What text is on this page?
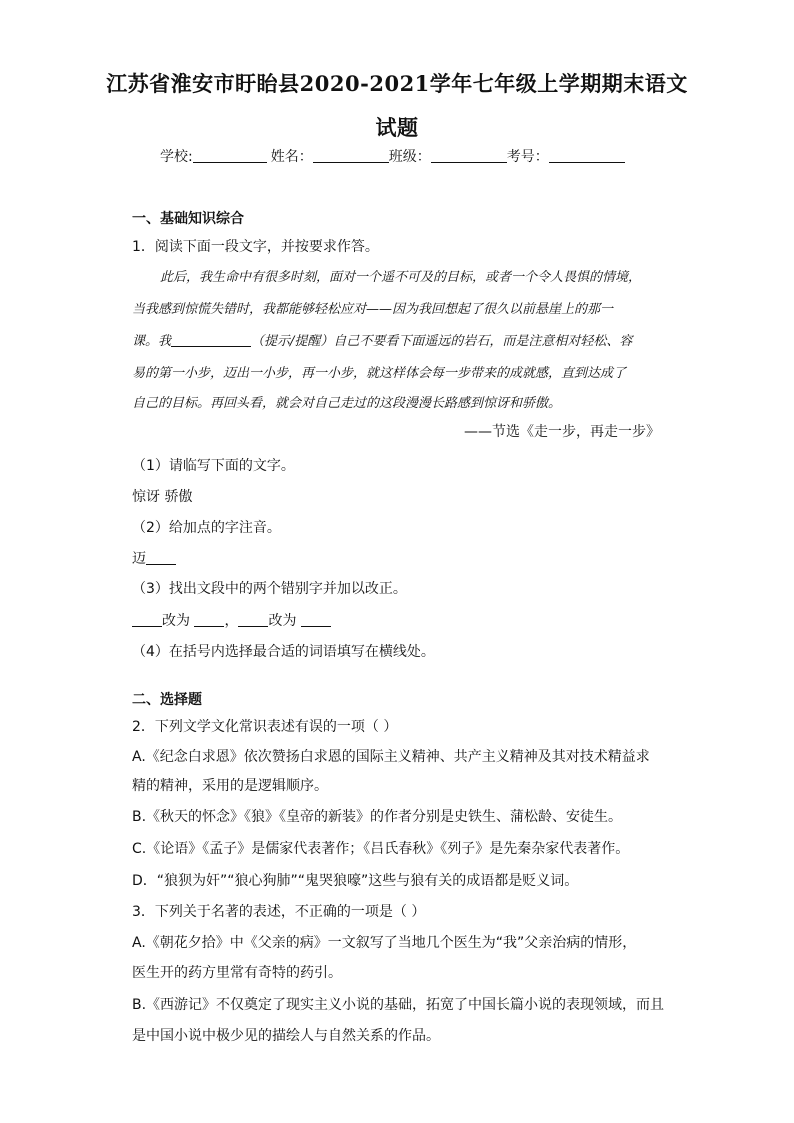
江苏省淮安市盱眙县2020-2021学年七年级上学期期末语文
试题
学校:	姓名：	班级：	考号：
一、基础知识综合
1．阅读下面一段文字，并按要求作答。
此后，我生命中有很多时刻，面对一个遥不可及的目标，或者一个令人畏惧的情境，
当我感到惊慌失错时，我都能够轻松应对——因为我回想起了很久以前悬崖上的那一
课。我	（提示/提醒）自己不要看下面遥远的岩石，而是注意相对轻松、容
易的第一小步，迈出一小步，再一小步，就这样体会每一步带来的成就感，直到达成了
自己的目标。再回头看，就会对自己走过的这段漫漫长路感到惊讶和骄傲。
——节选《走一步，再走一步》
（1）请临写下面的文字。
惊讶 骄傲
（2）给加点的字注音。
迈
（3）找出文段中的两个错别字并加以改正。
改为 ， 改为
（4）在括号内选择最合适的词语填写在横线处。
二、选择题
2．下列文学文化常识表述有误的一项（ ）
A.《纪念白求恩》依次赞扬白求恩的国际主义精神、共产主义精神及其对技术精益求
精的精神，采用的是逻辑顺序。
B.《秋天的怀念》《狼》《皇帝的新装》的作者分别是史铁生、蒲松龄、安徒生。
C.《论语》《孟子》是儒家代表著作；《吕氏春秋》《列子》是先秦杂家代表著作。
D．“狼狈为奸”“狼心狗肺”“鬼哭狼嚎”这些与狼有关的成语都是贬义词。
3．下列关于名著的表述，不正确的一项是（ ）
A.《朝花夕拾》中《父亲的病》一文叙写了当地几个医生为“我”父亲治病的情形，
医生开的药方里常有奇特的药引。
B.《西游记》不仅奠定了现实主义小说的基础，拓宽了中国长篇小说的表现领域，而且
是中国小说中极少见的描绘人与自然关系的作品。
